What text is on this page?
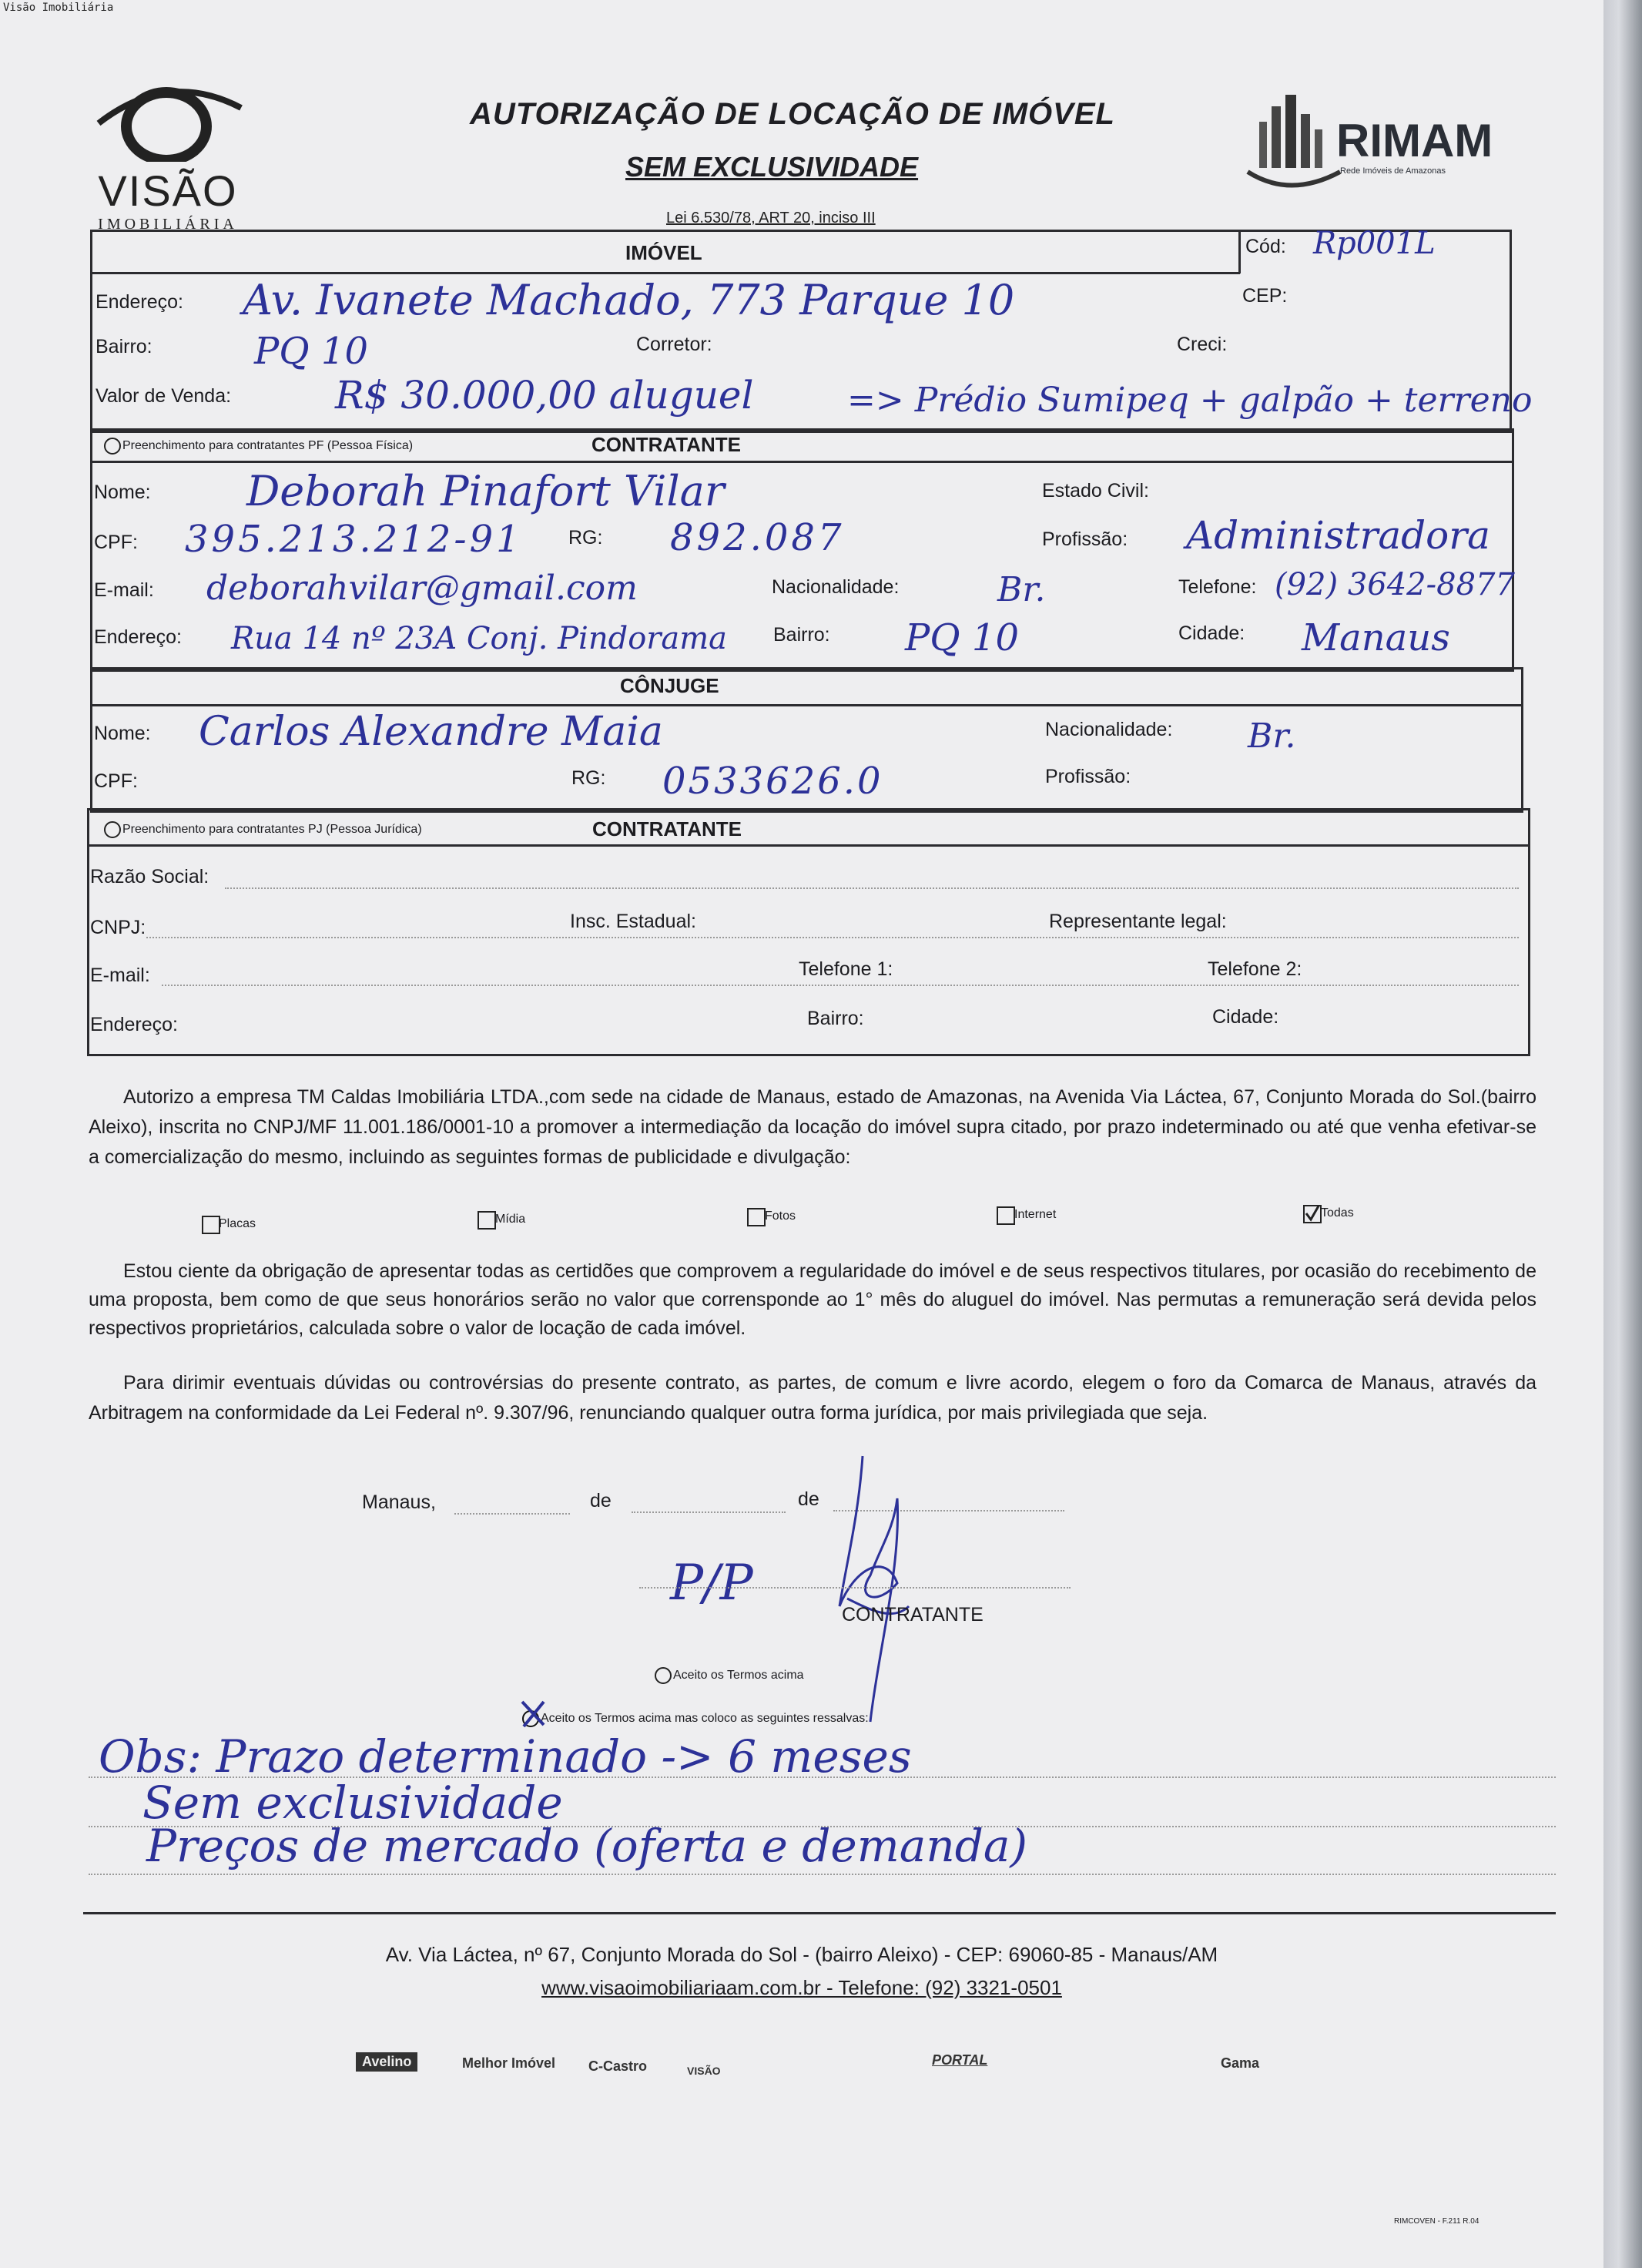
Visão Imobiliária
VISÃO
IMOBILIÁRIA
AUTORIZAÇÃO DE LOCAÇÃO DE IMÓVEL
SEM EXCLUSIVIDADE
Lei 6.530/78, ART 20, inciso III
RIMAM
Rede Imóveis de Amazonas
IMÓVEL	Cód: Rp001L
Endereço: Av. Ivanete Machado, 773 Parque 10	CEP:
Bairro:	PQ 10	Corretor:	Creci:
Valor de Venda:	R$ 30.000,00 aluguel	=> Prédio Sumipeq + galpão + terreno
Preenchimento para contratantes PF (Pessoa Física)	CONTRATANTE
Nome: Deborah Pinafort Vilar	Estado Civil:
CPF: 395.213.212-91 RG: 892.087	Profissão: Administradora
E-mail: deborahvilar@gmail.com	Nacionalidade:	Br.	Telefone: (92) 3642-8877
Endereço: Rua 14 nº 23A Conj. Pindorama Bairro: PQ 10	Cidade: Manaus
CÔNJUGE
Nome: Carlos Alexandre Maia	Nacionalidade: Br.
CPF:	RG: 0533626.0	Profissão:
Preenchimento para contratantes PJ (Pessoa Jurídica)	CONTRATANTE
Razão Social:
CNPJ:	Insc. Estadual:	Representante legal:
E-mail:	Telefone 1:	Telefone 2:
Endereço:	Bairro:	Cidade:
Autorizo a empresa TM Caldas Imobiliária LTDA.,com sede na cidade de Manaus, estado de Amazonas, na Avenida Via Láctea, 67, Conjunto Morada do Sol.(bairro Aleixo), inscrita no CNPJ/MF 11.001.186/0001-10 a promover a intermediação da locação do imóvel supra citado, por prazo indeterminado ou até que venha efetivar-se a comercialização do mesmo, incluindo as seguintes formas de publicidade e divulgação:
Placas	Mídia	Fotos	Internet	Todas
Estou ciente da obrigação de apresentar todas as certidões que comprovem a regularidade do imóvel e de seus respectivos titulares, por ocasião do recebimento de uma proposta, bem como de que seus honorários serão no valor que corrensponde ao 1° mês do aluguel do imóvel. Nas permutas a remuneração será devida pelos respectivos proprietários, calculada sobre o valor de locação de cada imóvel.
Para dirimir eventuais dúvidas ou controvérsias do presente contrato, as partes, de comum e livre acordo, elegem o foro da Comarca de Manaus, através da Arbitragem na conformidade da Lei Federal nº. 9.307/96, renunciando qualquer outra forma jurídica, por mais privilegiada que seja.
Manaus,	de	de
P/P
CONTRATANTE
Aceito os Termos acima
Aceito os Termos acima mas coloco as seguintes ressalvas:
Obs: Prazo determinado -> 6 meses
Sem exclusividade
Preços de mercado (oferta e demanda)
Av. Via Láctea, nº 67, Conjunto Morada do Sol - (bairro Aleixo) - CEP: 69060-85 - Manaus/AM
www.visaoimobiliariaam.com.br - Telefone: (92) 3321-0501
Avelino	Melhor Imóvel C-Castro	VISÃO
PORTAL	Gama
RIMCOVEN - F.211 R.04
